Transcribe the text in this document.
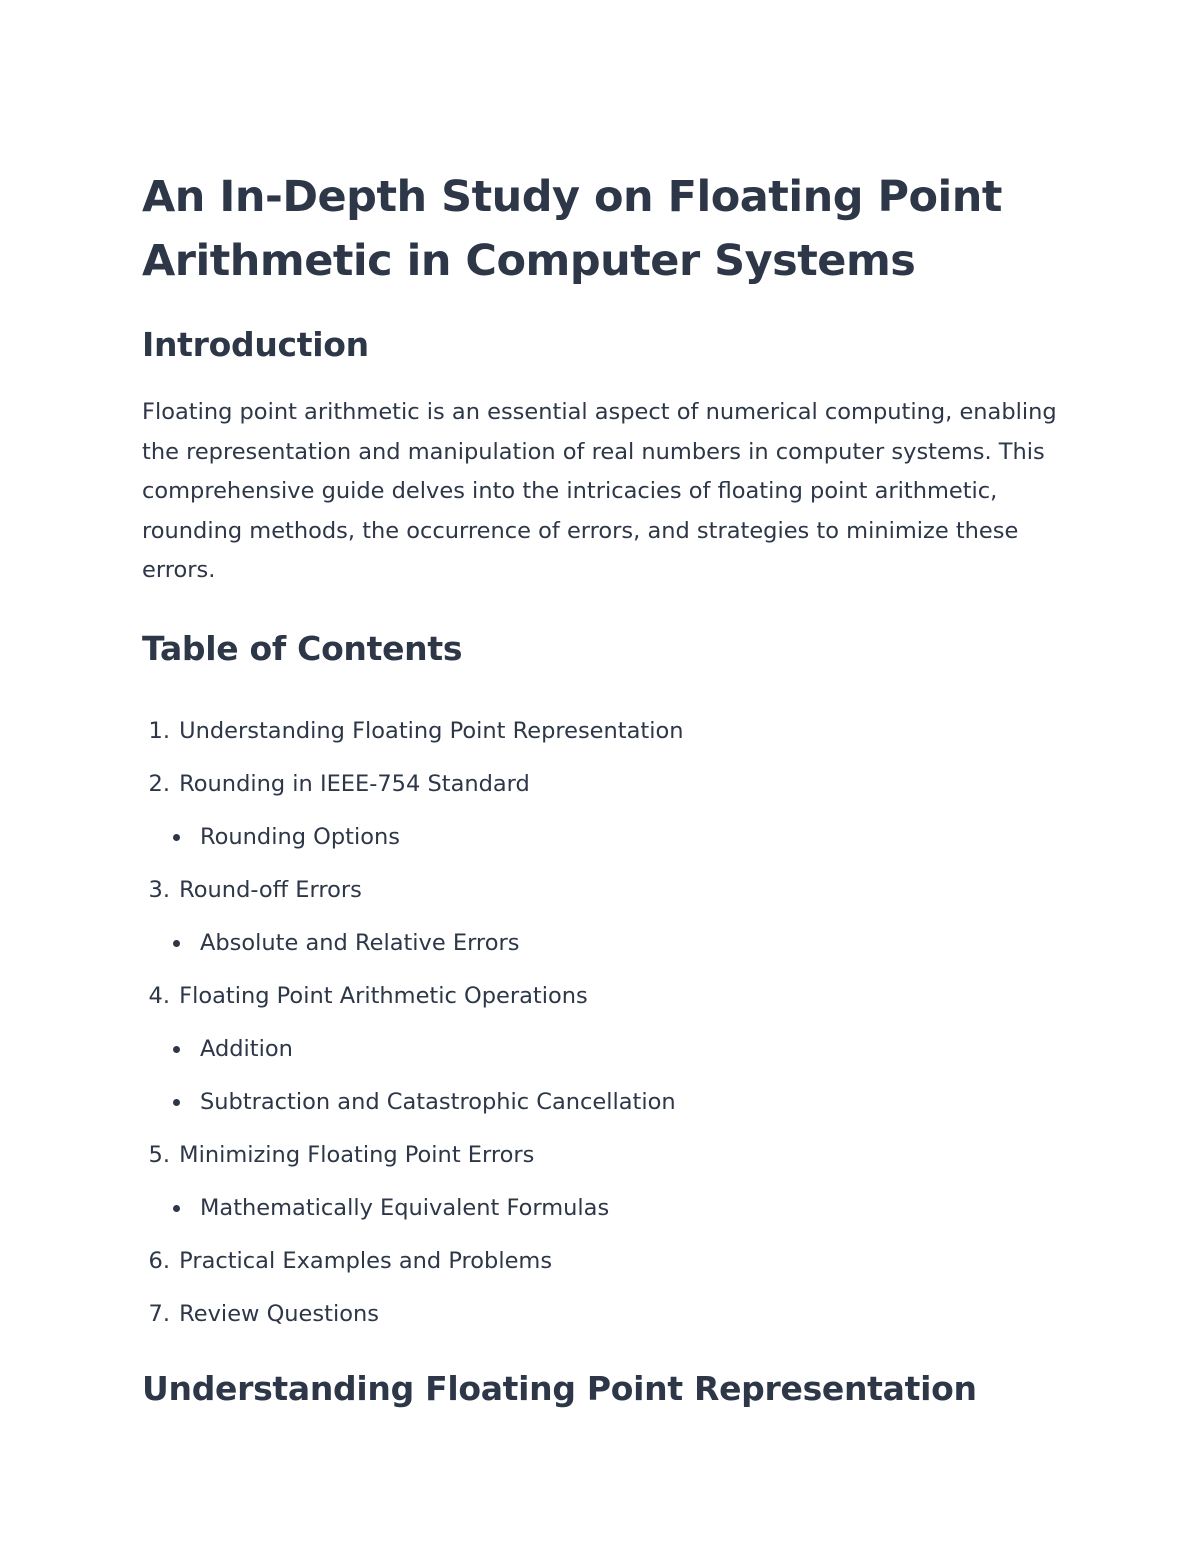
An In-Depth Study on Floating Point Arithmetic in Computer Systems
Introduction

Floating point arithmetic is an essential aspect of numerical computing, enabling the representation and manipulation of real numbers in computer systems. This comprehensive guide delves into the intricacies of floating point arithmetic, rounding methods, the occurrence of errors, and strategies to minimize these errors.

Table of Contents
1. Understanding Floating Point Representation
2. Rounding in IEEE-754 Standard
Rounding Options
3. Round-off Errors
Absolute and Relative Errors
4. Floating Point Arithmetic Operations
Addition
Subtraction and Catastrophic Cancellation
5. Minimizing Floating Point Errors
Mathematically Equivalent Formulas
6. Practical Examples and Problems
7. Review Questions
Understanding Floating Point Representation
